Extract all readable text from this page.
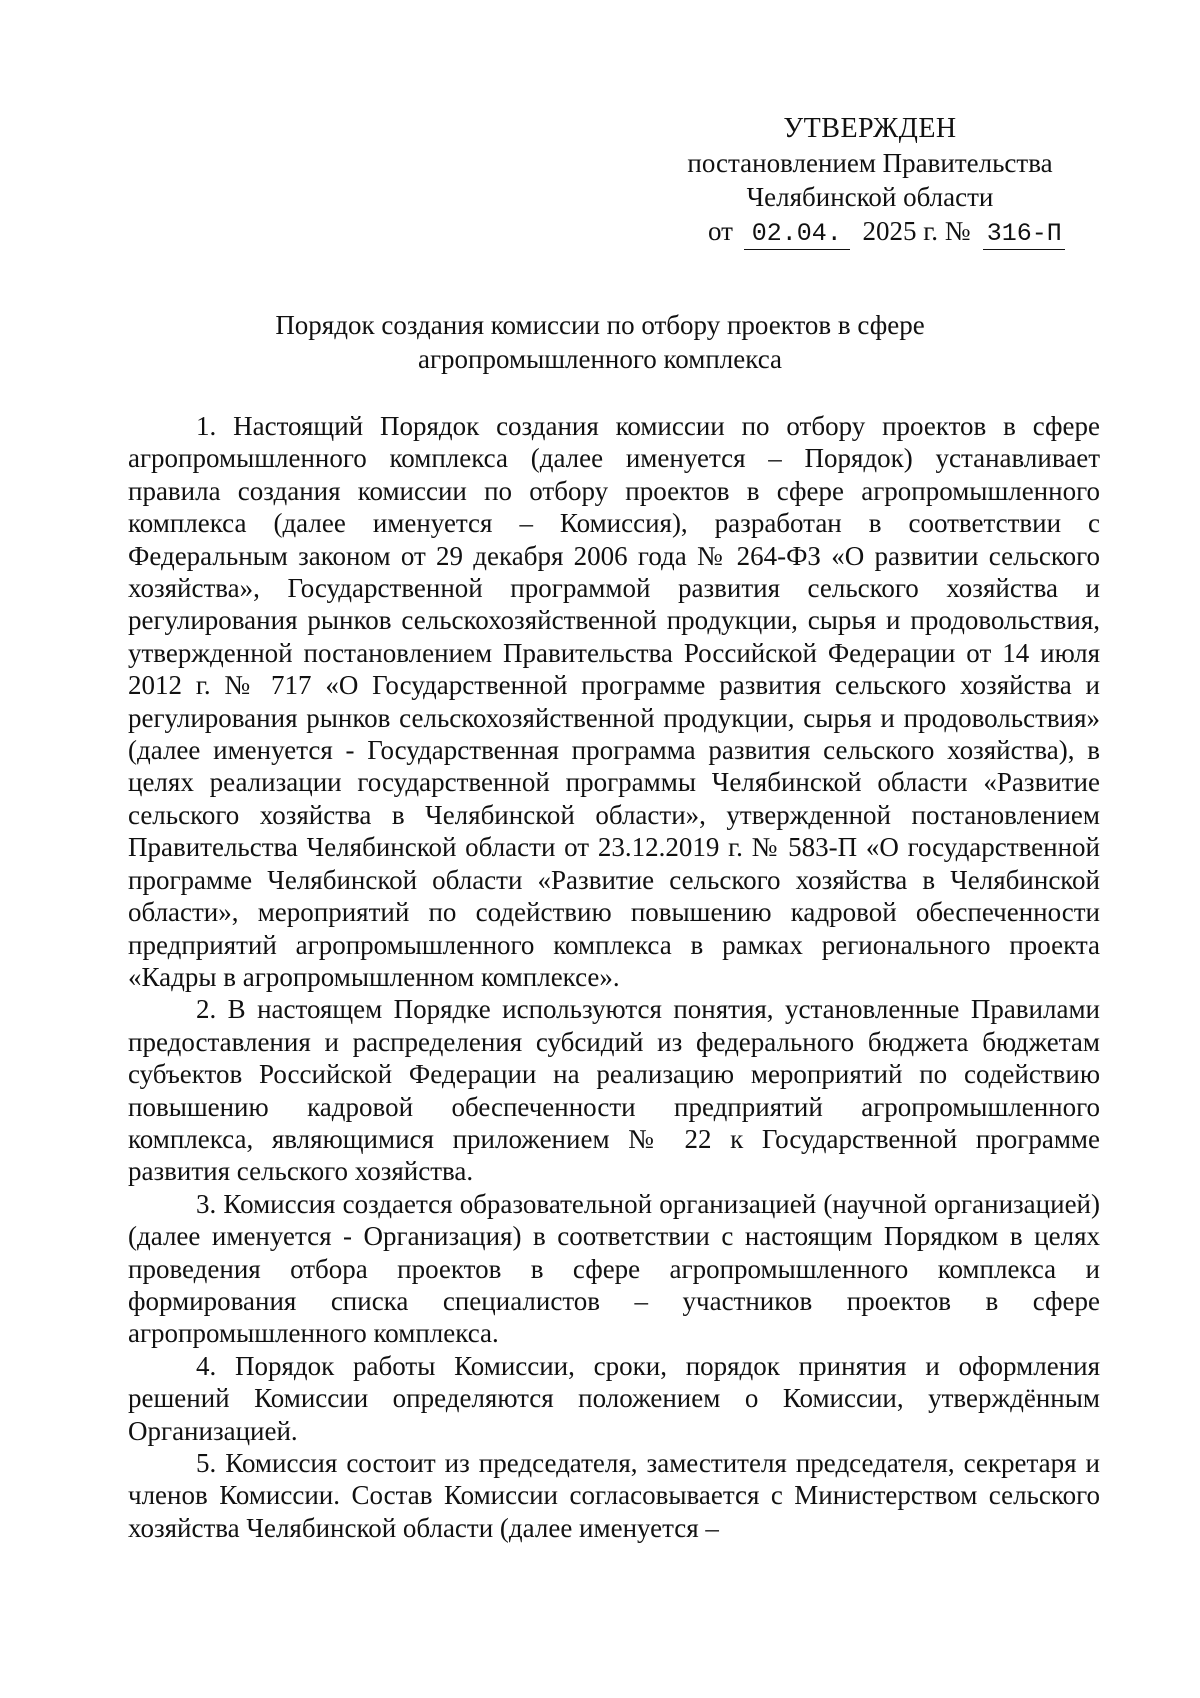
УТВЕРЖДЕН
постановлением Правительства
Челябинской области
от 02.04. 2025 г. № 316-П
Порядок создания комиссии по отбору проектов в сфере
агропромышленного комплекса

1. Настоящий Порядок создания комиссии по отбору проектов в сфере агропромышленного комплекса (далее именуется – Порядок) устанавливает правила создания комиссии по отбору проектов в сфере агропромышленного комплекса (далее именуется – Комиссия), разработан в соответствии с Федеральным законом от 29 декабря 2006 года № 264-ФЗ «О развитии сельского хозяйства», Государственной программой развития сельского хозяйства и регулирования рынков сельскохозяйственной продукции, сырья и продовольствия, утвержденной постановлением Правительства Российской Федерации от 14 июля 2012 г. № 717 «О Государственной программе развития сельского хозяйства и регулирования рынков сельскохозяйственной продукции, сырья и продовольствия» (далее именуется - Государственная программа развития сельского хозяйства), в целях реализации государственной программы Челябинской области «Развитие сельского хозяйства в Челябинской области», утвержденной постановлением Правительства Челябинской области от 23.12.2019 г. № 583-П «О государственной программе Челябинской области «Развитие сельского хозяйства в Челябинской области», мероприятий по содействию повышению кадровой обеспеченности предприятий агропромышленного комплекса в рамках регионального проекта «Кадры в агропромышленном комплексе».

2. В настоящем Порядке используются понятия, установленные Правилами предоставления и распределения субсидий из федерального бюджета бюджетам субъектов Российской Федерации на реализацию мероприятий по содействию повышению кадровой обеспеченности предприятий агропромышленного комплекса, являющимися приложением № 22 к Государственной программе развития сельского хозяйства.

3. Комиссия создается образовательной организацией (научной организацией) (далее именуется - Организация) в соответствии с настоящим Порядком в целях проведения отбора проектов в сфере агропромышленного комплекса и формирования списка специалистов – участников проектов в сфере агропромышленного комплекса.

4. Порядок работы Комиссии, сроки, порядок принятия и оформления решений Комиссии определяются положением о Комиссии, утверждённым Организацией.

5. Комиссия состоит из председателя, заместителя председателя, секретаря и членов Комиссии. Состав Комиссии согласовывается с Министерством сельского хозяйства Челябинской области (далее именуется –
